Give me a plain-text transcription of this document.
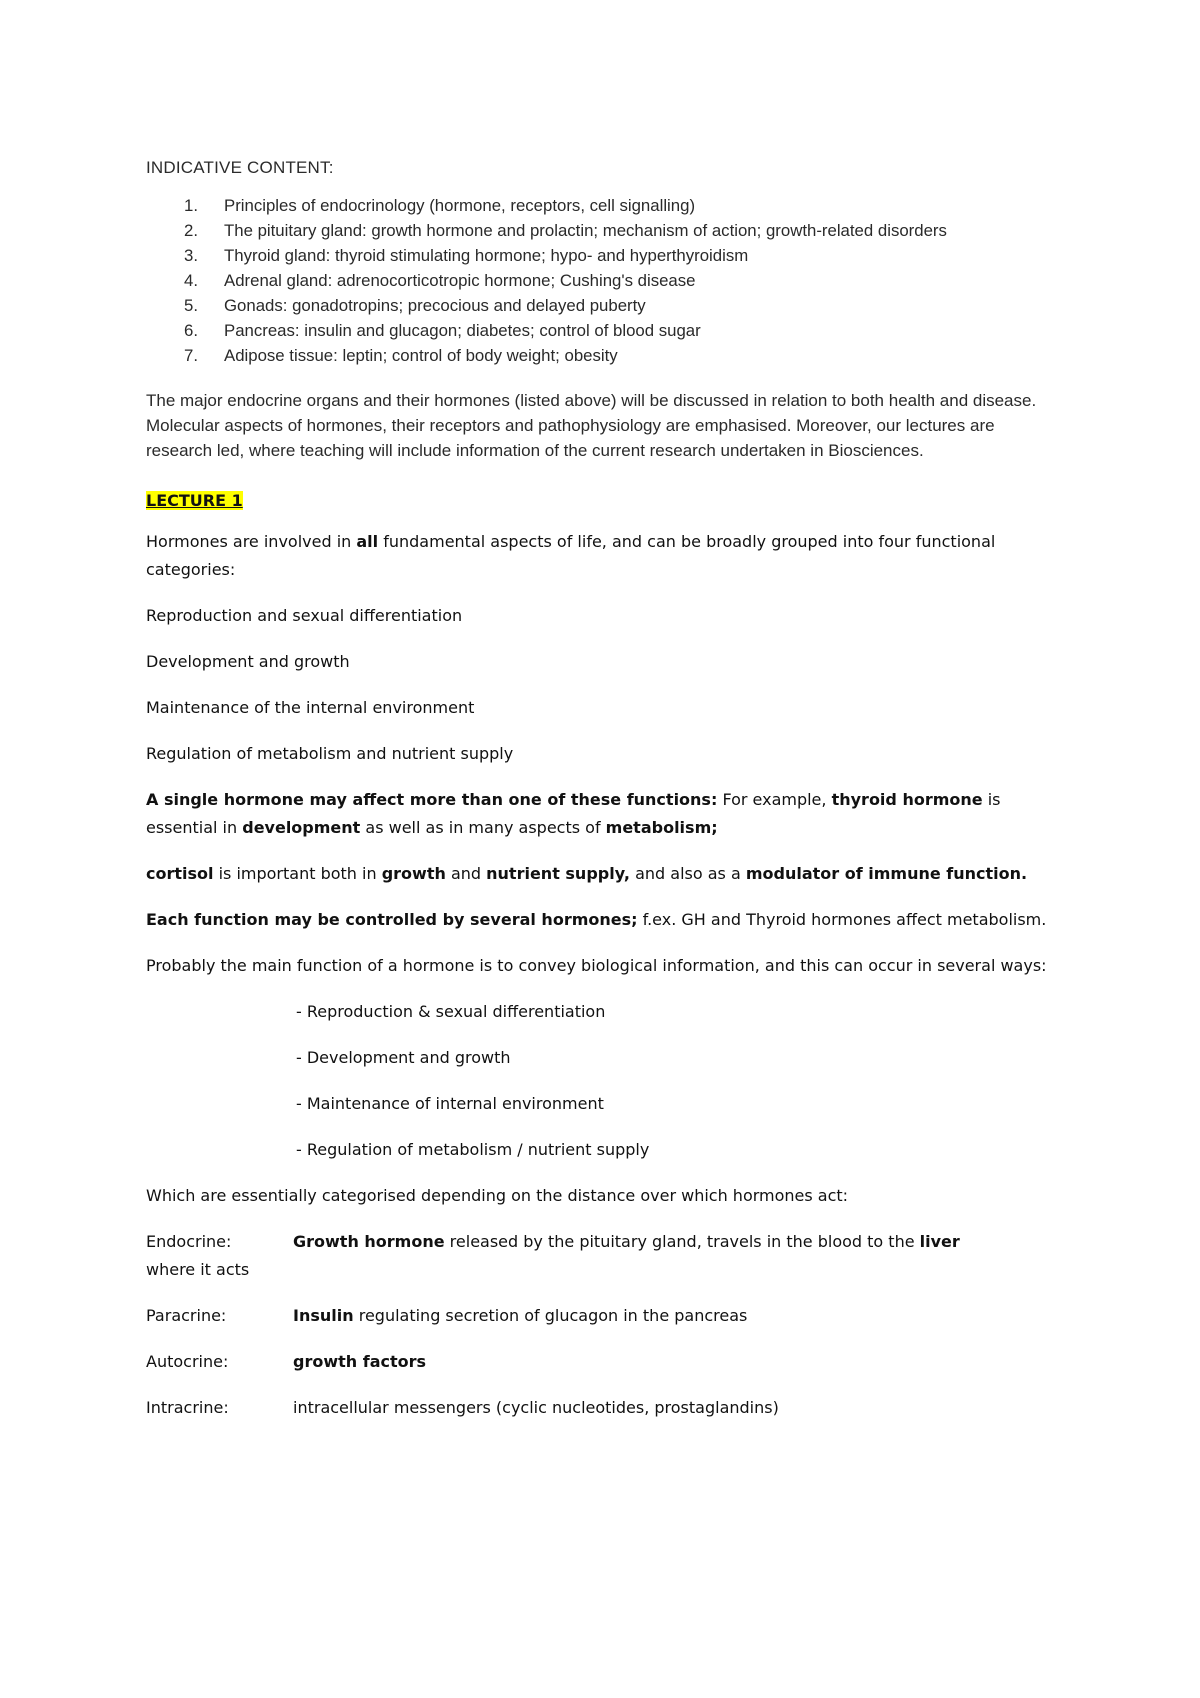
INDICATIVE CONTENT:
1.	Principles of endocrinology (hormone, receptors, cell signalling)
2.	The pituitary gland: growth hormone and prolactin; mechanism of action; growth-related disorders
3.	Thyroid gland: thyroid stimulating hormone; hypo- and hyperthyroidism
4.	Adrenal gland: adrenocorticotropic hormone; Cushing's disease
5.	Gonads: gonadotropins; precocious and delayed puberty
6.	Pancreas: insulin and glucagon; diabetes; control of blood sugar
7.	Adipose tissue: leptin; control of body weight; obesity

The major endocrine organs and their hormones (listed above) will be discussed in relation to both health and disease. Molecular aspects of hormones, their receptors and pathophysiology are emphasised. Moreover, our lectures are research led, where teaching will include information of the current research undertaken in Biosciences.

LECTURE 1

Hormones are involved in all fundamental aspects of life, and can be broadly grouped into four functional categories:

Reproduction and sexual differentiation

Development and growth

Maintenance of the internal environment

Regulation of metabolism and nutrient supply

A single hormone may affect more than one of these functions: For example, thyroid hormone is essential in development as well as in many aspects of metabolism;

cortisol is important both in growth and nutrient supply, and also as a modulator of immune function.

Each function may be controlled by several hormones; f.ex. GH and Thyroid hormones affect metabolism.

Probably the main function of a hormone is to convey biological information, and this can occur in several ways:

- Reproduction & sexual differentiation

- Development and growth

- Maintenance of internal environment

- Regulation of metabolism / nutrient supply

Which are essentially categorised depending on the distance over which hormones act:

Endocrine:	Growth hormone released by the pituitary gland, travels in the blood to the liver
where it acts
Paracrine:	Insulin regulating secretion of glucagon in the pancreas
Autocrine:	growth factors
Intracrine:	intracellular messengers (cyclic nucleotides, prostaglandins)
